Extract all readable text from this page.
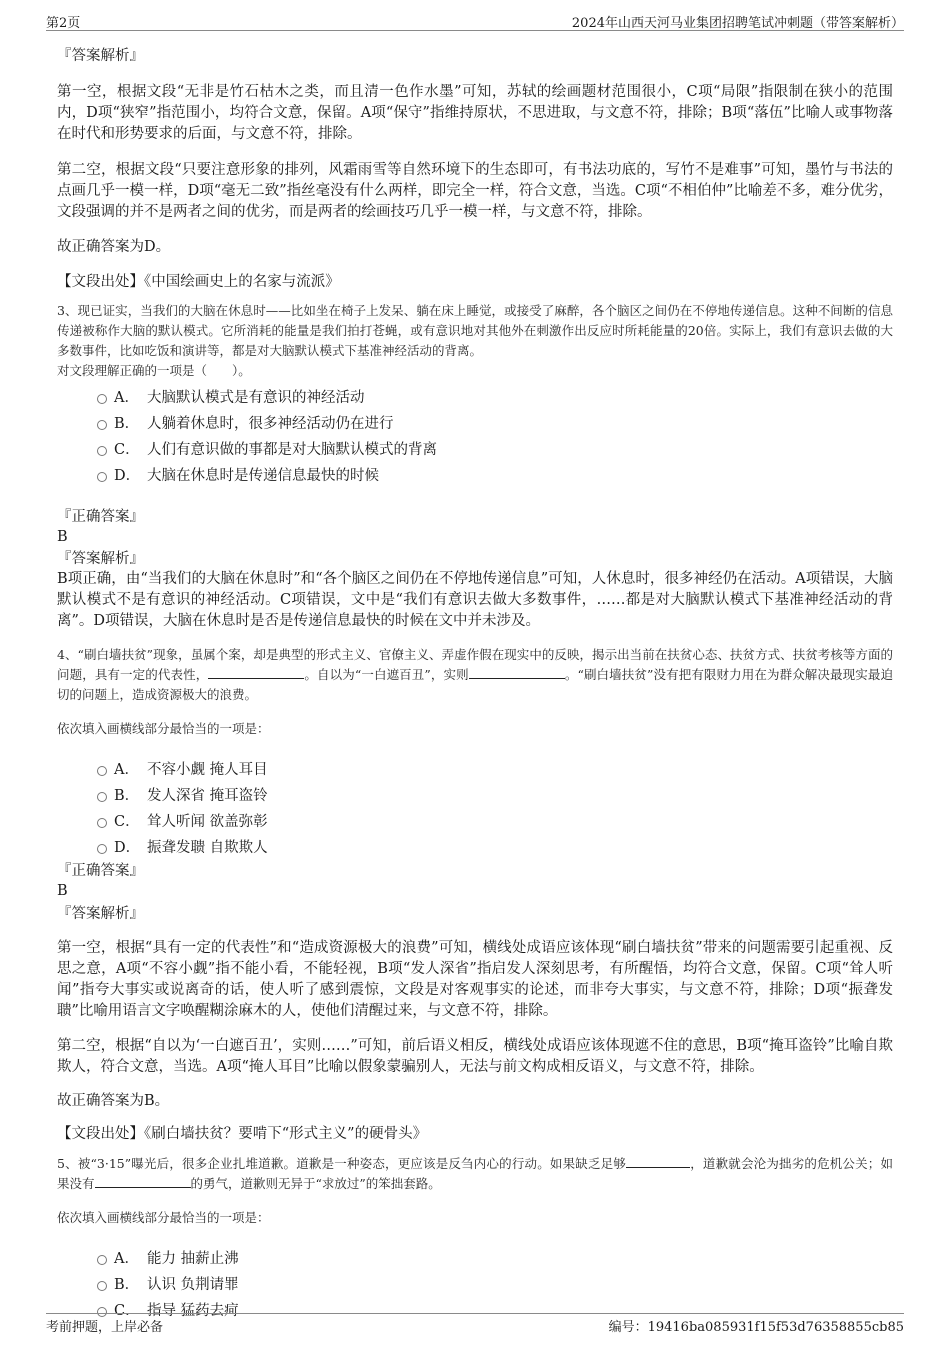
第2页	2024年山西天河马业集团招聘笔试冲刺题（带答案解析）

『答案解析』

第一空，根据文段“无非是竹石枯木之类，而且清一色作水墨”可知，苏轼的绘画题材范围很小，C项“局限”指限制在狭小的范围内，D项“狭窄”指范围小，均符合文意，保留。A项“保守”指维持原状，不思进取，与文意不符，排除；B项“落伍”比喻人或事物落在时代和形势要求的后面，与文意不符，排除。

第二空，根据文段“只要注意形象的排列，风霜雨雪等自然环境下的生态即可，有书法功底的，写竹不是难事”可知，墨竹与书法的点画几乎一模一样，D项“毫无二致”指丝毫没有什么两样，即完全一样，符合文意，当选。C项“不相伯仲”比喻差不多，难分优劣，文段强调的并不是两者之间的优劣，而是两者的绘画技巧几乎一模一样，与文意不符，排除。

故正确答案为D。

【文段出处】《中国绘画史上的名家与流派》

3、现已证实，当我们的大脑在休息时——比如坐在椅子上发呆、躺在床上睡觉，或接受了麻醉，各个脑区之间仍在不停地传递信息。这种不间断的信息传递被称作大脑的默认模式。它所消耗的能量是我们拍打苍蝇，或有意识地对其他外在刺激作出反应时所耗能量的20倍。实际上，我们有意识去做的大多数事件，比如吃饭和演讲等，都是对大脑默认模式下基准神经活动的背离。

对文段理解正确的一项是（　　）。

A． 大脑默认模式是有意识的神经活动
B． 人躺着休息时，很多神经活动仍在进行
C． 人们有意识做的事都是对大脑默认模式的背离
D． 大脑在休息时是传递信息最快的时候

『正确答案』

B

『答案解析』

B项正确，由“当我们的大脑在休息时”和“各个脑区之间仍在不停地传递信息”可知，人休息时，很多神经仍在活动。A项错误，大脑默认模式不是有意识的神经活动。C项错误，文中是“我们有意识去做大多数事件，……都是对大脑默认模式下基准神经活动的背离”。D项错误，大脑在休息时是否是传递信息最快的时候在文中并未涉及。

4、“刷白墙扶贫”现象，虽属个案，却是典型的形式主义、官僚主义、弄虚作假在现实中的反映，揭示出当前在扶贫心态、扶贫方式、扶贫考核等方面的问题，具有一定的代表性，	。自以为“一白遮百丑”，实则	。“刷白墙扶贫”没有把有限财力用在为群众解决最现实最迫切的问题上，造成资源极大的浪费。

依次填入画横线部分最恰当的一项是：

A． 不容小觑 掩人耳目
B． 发人深省 掩耳盗铃
C． 耸人听闻 欲盖弥彰
D． 振聋发聩 自欺欺人

『正确答案』

B

『答案解析』

第一空，根据“具有一定的代表性”和“造成资源极大的浪费”可知，横线处成语应该体现“刷白墙扶贫”带来的问题需要引起重视、反思之意，A项“不容小觑”指不能小看，不能轻视，B项“发人深省”指启发人深刻思考，有所醒悟，均符合文意，保留。C项“耸人听闻”指夸大事实或说离奇的话，使人听了感到震惊，文段是对客观事实的论述，而非夸大事实，与文意不符，排除；D项“振聋发聩”比喻用语言文字唤醒糊涂麻木的人，使他们清醒过来，与文意不符，排除。

第二空，根据“自以为‘一白遮百丑’，实则……”可知，前后语义相反，横线处成语应该体现遮不住的意思，B项“掩耳盗铃”比喻自欺欺人，符合文意，当选。A项“掩人耳目”比喻以假象蒙骗别人，无法与前文构成相反语义，与文意不符，排除。

故正确答案为B。

【文段出处】《刷白墙扶贫？要啃下“形式主义”的硬骨头》

5、被“3·15”曝光后，很多企业扎堆道歉。道歉是一种姿态，更应该是反刍内心的行动。如果缺乏足够	，道歉就会沦为拙劣的危机公关；如果没有	的勇气，道歉则无异于“求放过”的笨拙套路。

依次填入画横线部分最恰当的一项是：

A． 能力 抽薪止沸
B． 认识 负荆请罪
C． 指导 猛药去疴
考前押题，上岸必备	编号：19416ba085931f15f53d76358855cb85
